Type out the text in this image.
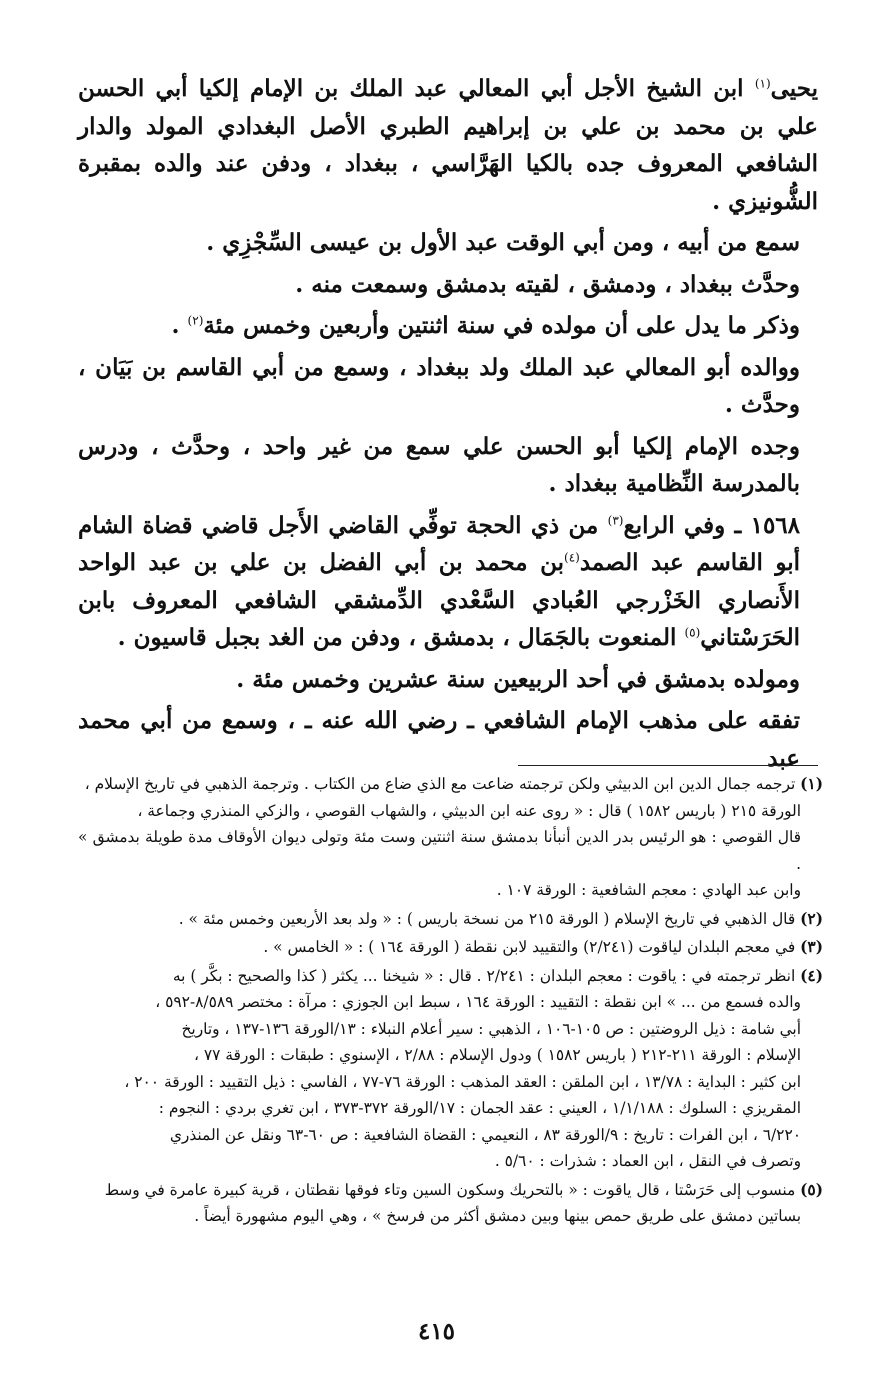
يحيى$^{(١)}$ ابن الشيخ الأجل أبي المعالي عبد الملك بن الإمام إلكيا أبي الحسن علي بن محمد بن علي بن إبراهيم الطبري الأصل البغدادي المولد والدار الشافعي المعروف جده بالكيا الهَرَّاسي ، ببغداد ، ودفن عند والده بمقبرة الشُّونيزي .

سمع من أبيه ، ومن أبي الوقت عبد الأول بن عيسى السِّجْزِي .

وحدَّث ببغداد ، ودمشق ، لقيته بدمشق وسمعت منه .

وذكر ما يدل على أن مولده في سنة اثنتين وأربعين وخمس مئة$^{(٢)}$ .

ووالده أبو المعالي عبد الملك ولد ببغداد ، وسمع من أبي القاسم بن بَيَان ، وحدَّث .

وجده الإمام إلكيا أبو الحسن علي سمع من غير واحد ، وحدَّث ، ودرس بالمدرسة النِّظامية ببغداد .

١٥٦٨ ـ وفي الرابع$^{(٣)}$ من ذي الحجة توفِّي القاضي الأَجل قاضي قضاة الشام أبو القاسم عبد الصمد$^{(٤)}$بن محمد بن أبي الفضل بن علي بن عبد الواحد الأَنصاري الخَزْرجي العُبادي السَّعْدي الدِّمشقي الشافعي المعروف بابن الحَرَسْتاني$^{(٥)}$ المنعوت بالجَمَال ، بدمشق ، ودفن من الغد بجبل قاسيون .

ومولده بدمشق في أحد الربيعين سنة عشرين وخمس مئة .

تفقه على مذهب الإمام الشافعي ـ رضي الله عنه ـ ، وسمع من أبي محمد عبد

(١) ترجمه جمال الدين ابن الدبيثي ولكن ترجمته ضاعت مع الذي ضاع من الكتاب . وترجمة الذهبي في تاريخ الإسلام ،
الورقة ٢١٥ ( باريس ١٥٨٢ ) قال : « روى عنه ابن الدبيثي ، والشهاب القوصي ، والزكي المنذري وجماعة ،
قال القوصي : هو الرئيس بدر الدين أنبأنا بدمشق سنة اثنتين وست مئة وتولى ديوان الأوقاف مدة طويلة بدمشق » .
وابن عبد الهادي : معجم الشافعية : الورقة ١٠٧ .
(٢) قال الذهبي في تاريخ الإسلام ( الورقة ٢١٥ من نسخة باريس ) : « ولد بعد الأربعين وخمس مئة » .
(٣) في معجم البلدان لياقوت (٢/٢٤١) والتقييد لابن نقطة ( الورقة ١٦٤ ) : « الخامس » .
(٤) انظر ترجمته في : ياقوت : معجم البلدان : ٢/٢٤١ . قال : « شيخنا ... يكثر ( كذا والصحيح : بكَّر ) به
والده فسمع من ... » ابن نقطة : التقييد : الورقة ١٦٤ ، سبط ابن الجوزي : مرآة : مختصر ٨/٥٨٩-٥٩٢ ،
أبي شامة : ذيل الروضتين : ص ١٠٥-١٠٦ ، الذهبي : سير أعلام النبلاء : ١٣/الورقة ١٣٦-١٣٧ ، وتاريخ
الإسلام : الورقة ٢١١-٢١٢ ( باريس ١٥٨٢ ) ودول الإسلام : ٢/٨٨ ، الإسنوي : طبقات : الورقة ٧٧ ،
ابن كثير : البداية : ١٣/٧٨ ، ابن الملقن : العقد المذهب : الورقة ٧٦-٧٧ ، الفاسي : ذيل التقييد : الورقة ٢٠٠ ،
المقريزي : السلوك : ١/١/١٨٨ ، العيني : عقد الجمان : ١٧/الورقة ٣٧٢-٣٧٣ ، ابن تغري بردي : النجوم :
٦/٢٢٠ ، ابن الفرات : تاريخ : ٩/الورقة ٨٣ ، النعيمي : القضاة الشافعية : ص ٦٠-٦٣ ونقل عن المنذري
وتصرف في النقل ، ابن العماد : شذرات : ٥/٦٠ .
(٥) منسوب إلى حَرَسْتا ، قال ياقوت : « بالتحريك وسكون السين وتاء فوقها نقطتان ، قرية كبيرة عامرة في وسط
بساتين دمشق على طريق حمص بينها وبين دمشق أكثر من فرسخ » ، وهي اليوم مشهورة أيضاً .
٤١٥
